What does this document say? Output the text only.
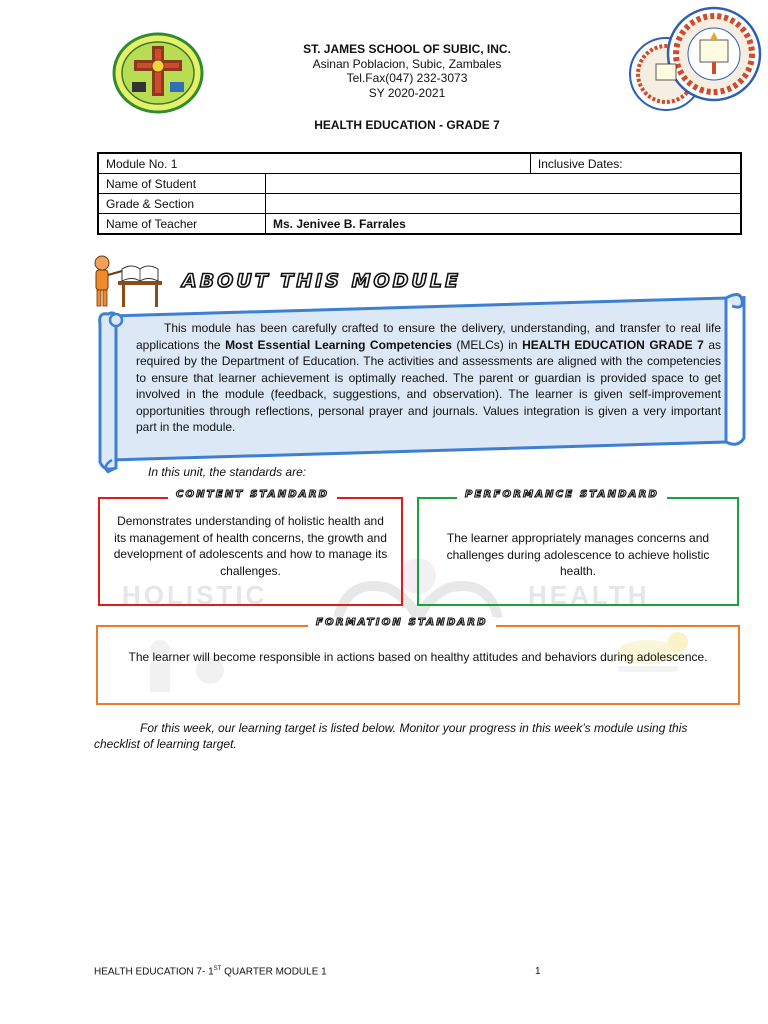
ST. JAMES SCHOOL OF SUBIC, INC.
Asinan Poblacion, Subic, Zambales
Tel.Fax(047) 232-3073
SY 2020-2021
HEALTH EDUCATION - GRADE 7
Module No. 1		Inclusive Dates:
Name of Student		
Grade & Section		
Name of Teacher	Ms. Jenivee B. Farrales	
ABOUT THIS MODULE

This module has been carefully crafted to ensure the delivery, understanding, and transfer to real life applications the Most Essential Learning Competencies (MELCs) in HEALTH EDUCATION GRADE 7 as required by the Department of Education. The activities and assessments are aligned with the competencies to ensure that learner achievement is optimally reached. The parent or guardian is provided space to get involved in the module (feedback, suggestions, and observation). The learner is given self-improvement opportunities through reflections, personal prayer and journals. Values integration is given a very important part in the module.

In this unit, the standards are:
HOLISTIC	HEALTH
CONTENT STANDARD
Demonstrates understanding of holistic health and its management of health concerns, the growth and development of adolescents and how to manage its challenges.
PERFORMANCE STANDARD
The learner appropriately manages concerns and challenges during adolescence to achieve holistic health.
FORMATION STANDARD
The learner will become responsible in actions based on healthy attitudes and behaviors during adolescence.
For this week, our learning target is listed below. Monitor your progress in this week’s module using this checklist of learning target.
HEALTH EDUCATION 7- 1ST QUARTER MODULE 1	1
